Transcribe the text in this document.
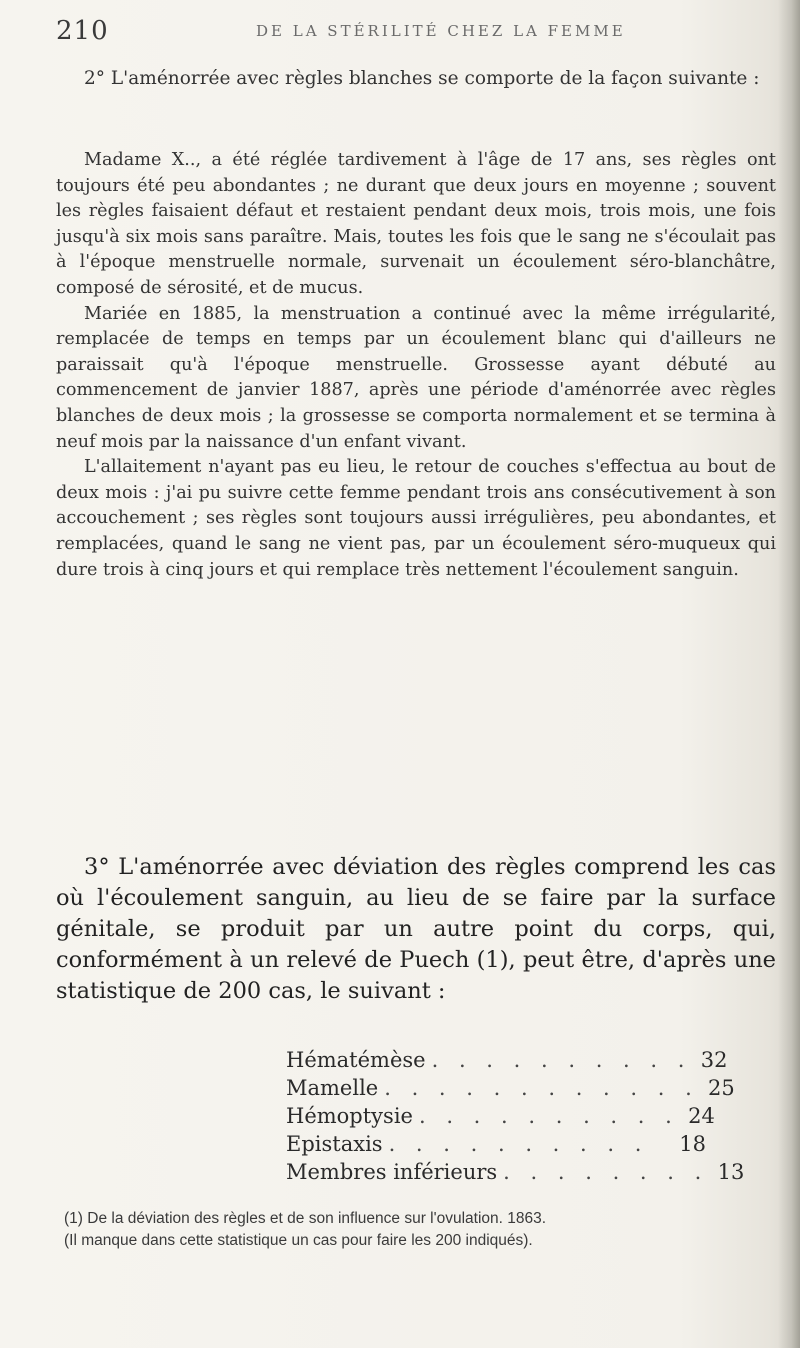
210	DE LA STÉRILITÉ CHEZ LA FEMME

2° L'aménorrée avec règles blanches se comporte de la façon suivante :

Madame X.., a été réglée tardivement à l'âge de 17 ans, ses règles ont toujours été peu abondantes ; ne durant que deux jours en moyenne ; souvent les règles faisaient défaut et restaient pendant deux mois, trois mois, une fois jusqu'à six mois sans paraître. Mais, toutes les fois que le sang ne s'écoulait pas à l'époque menstruelle normale, survenait un écoulement séro-blanchâtre, composé de sérosité, et de mucus.

Mariée en 1885, la menstruation a continué avec la même irrégularité, remplacée de temps en temps par un écoulement blanc qui d'ailleurs ne paraissait qu'à l'époque menstruelle. Grossesse ayant débuté au commencement de janvier 1887, après une période d'aménorrée avec règles blanches de deux mois ; la grossesse se comporta normalement et se termina à neuf mois par la naissance d'un enfant vivant.

L'allaitement n'ayant pas eu lieu, le retour de couches s'effectua au bout de deux mois : j'ai pu suivre cette femme pendant trois ans consécutivement à son accouchement ; ses règles sont toujours aussi irrégulières, peu abondantes, et remplacées, quand le sang ne vient pas, par un écoulement séro-muqueux qui dure trois à cinq jours et qui remplace très nettement l'écoulement sanguin.

3° L'aménorrée avec déviation des règles comprend les cas où l'écoulement sanguin, au lieu de se faire par la surface génitale, se produit par un autre point du corps, qui, conformément à un relevé de Puech (1), peut être, d'après une statistique de 200 cas, le suivant :

Hématémèse . . . . . . . . . . 32
Mamelle . . . . . . . . . . . . 25
Hémoptysie . . . . . . . . . . 24
Epistaxis . . . . . . . . . .	18
Membres inférieurs . . . . . . . . 13

(1) De la déviation des règles et de son influence sur l'ovulation. 1863.

(Il manque dans cette statistique un cas pour faire les 200 indiqués).
